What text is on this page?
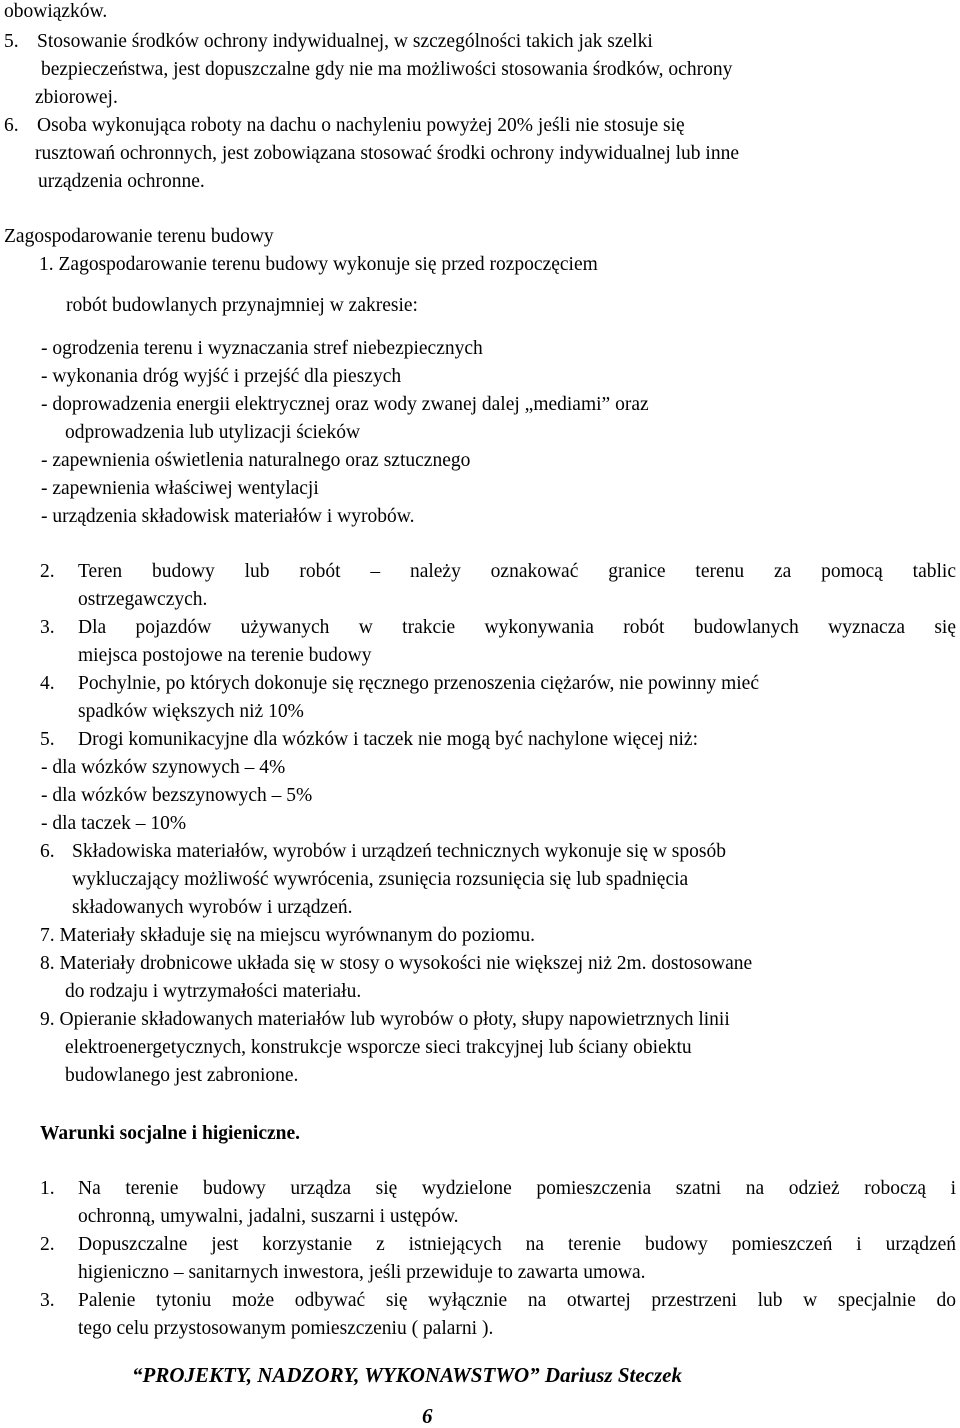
obowiązków.
5. Stosowanie środków ochrony indywidualnej, w szczególności takich jak szelki
bezpieczeństwa, jest dopuszczalne gdy nie ma możliwości stosowania środków, ochrony
zbiorowej.
6. Osoba wykonująca roboty na dachu o nachyleniu powyżej 20% jeśli nie stosuje się
rusztowań ochronnych, jest zobowiązana stosować środki ochrony indywidualnej lub inne
urządzenia ochronne.
Zagospodarowanie terenu budowy
1. Zagospodarowanie terenu budowy wykonuje się przed rozpoczęciem
robót budowlanych przynajmniej w zakresie:
- ogrodzenia terenu i wyznaczania stref niebezpiecznych
- wykonania dróg wyjść i przejść dla pieszych
- doprowadzenia energii elektrycznej oraz wody zwanej dalej „mediami” oraz
odprowadzenia lub utylizacji ścieków
- zapewnienia oświetlenia naturalnego oraz sztucznego
- zapewnienia właściwej wentylacji
- urządzenia składowisk materiałów i wyrobów.
2. Teren budowy lub robót – należy oznakować granice terenu za pomocą tablic
ostrzegawczych.
3. Dla pojazdów używanych w trakcie wykonywania robót budowlanych wyznacza się
miejsca postojowe na terenie budowy
4. Pochylnie, po których dokonuje się ręcznego przenoszenia ciężarów, nie powinny mieć
spadków większych niż 10%
5. Drogi komunikacyjne dla wózków i taczek nie mogą być nachylone więcej niż:
- dla wózków szynowych – 4%
- dla wózków bezszynowych – 5%
- dla taczek – 10%
6. Składowiska materiałów, wyrobów i urządzeń technicznych wykonuje się w sposób
wykluczający możliwość wywrócenia, zsunięcia rozsunięcia się lub spadnięcia
składowanych wyrobów i urządzeń.
7. Materiały składuje się na miejscu wyrównanym do poziomu.
8. Materiały drobnicowe układa się w stosy o wysokości nie większej niż 2m. dostosowane
do rodzaju i wytrzymałości materiału.
9. Opieranie składowanych materiałów lub wyrobów o płoty, słupy napowietrznych linii
elektroenergetycznych, konstrukcje wsporcze sieci trakcyjnej lub ściany obiektu
budowlanego jest zabronione.
Warunki socjalne i higieniczne.
1. Na terenie budowy urządza się wydzielone pomieszczenia szatni na odzież roboczą i
ochronną, umywalni, jadalni, suszarni i ustępów.
2. Dopuszczalne jest korzystanie z istniejących na terenie budowy pomieszczeń i urządzeń
higieniczno – sanitarnych inwestora, jeśli przewiduje to zawarta umowa.
3. Palenie tytoniu może odbywać się wyłącznie na otwartej przestrzeni lub w specjalnie do
tego celu przystosowanym pomieszczeniu ( palarni ).
“PROJEKTY, NADZORY, WYKONAWSTWO” Dariusz Steczek
6
